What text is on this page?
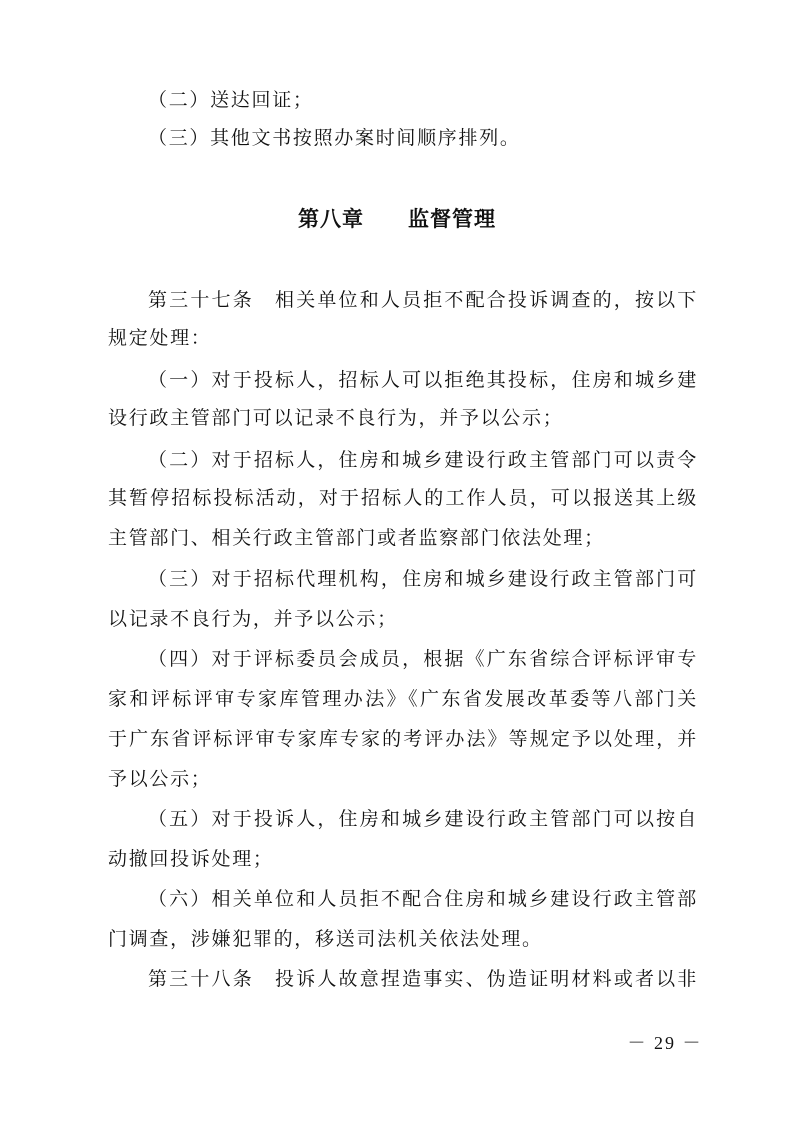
（二）送达回证；
（三）其他文书按照办案时间顺序排列。
第八章　　监督管理
第三十七条　相关单位和人员拒不配合投诉调查的，按以下
规定处理：
（一）对于投标人，招标人可以拒绝其投标，住房和城乡建
设行政主管部门可以记录不良行为，并予以公示；
（二）对于招标人，住房和城乡建设行政主管部门可以责令
其暂停招标投标活动，对于招标人的工作人员，可以报送其上级
主管部门、相关行政主管部门或者监察部门依法处理；
（三）对于招标代理机构，住房和城乡建设行政主管部门可
以记录不良行为，并予以公示；
（四）对于评标委员会成员，根据《广东省综合评标评审专
家和评标评审专家库管理办法》《广东省发展改革委等八部门关
于广东省评标评审专家库专家的考评办法》等规定予以处理，并
予以公示；
（五）对于投诉人，住房和城乡建设行政主管部门可以按自
动撤回投诉处理；
（六）相关单位和人员拒不配合住房和城乡建设行政主管部
门调查，涉嫌犯罪的，移送司法机关依法处理。
第三十八条　投诉人故意捏造事实、伪造证明材料或者以非
－ 29 －
